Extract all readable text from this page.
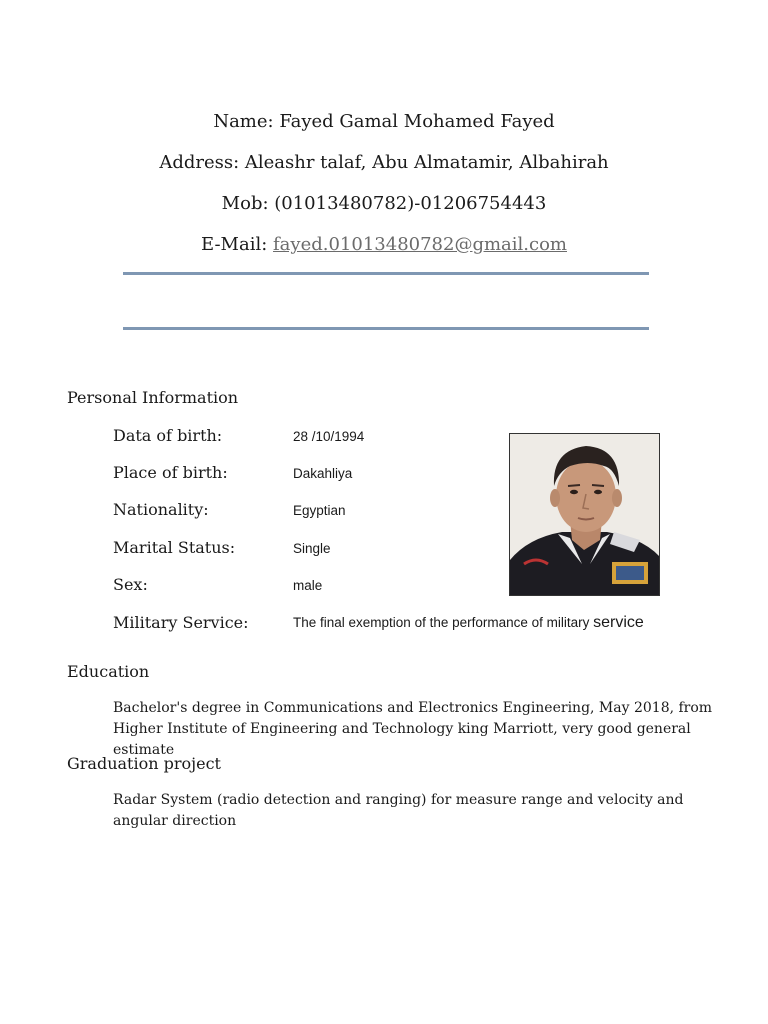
Name: Fayed Gamal Mohamed Fayed
Address: Aleashr talaf, Abu Almatamir, Albahirah
Mob: (01013480782)-01206754443
E-Mail: fayed.01013480782@gmail.com
Personal Information
Data of birth:	28 /10/1994
Place of birth:	Dakahliya
Nationality:	Egyptian
Marital Status:	Single
Sex:	male
Military Service:	The final exemption of the performance of military service
Education
Bachelor's degree in Communications and Electronics Engineering, May 2018, from Higher Institute of Engineering and Technology king Marriott, very good general estimate
Graduation project
Radar System (radio detection and ranging) for measure range and velocity and angular direction
